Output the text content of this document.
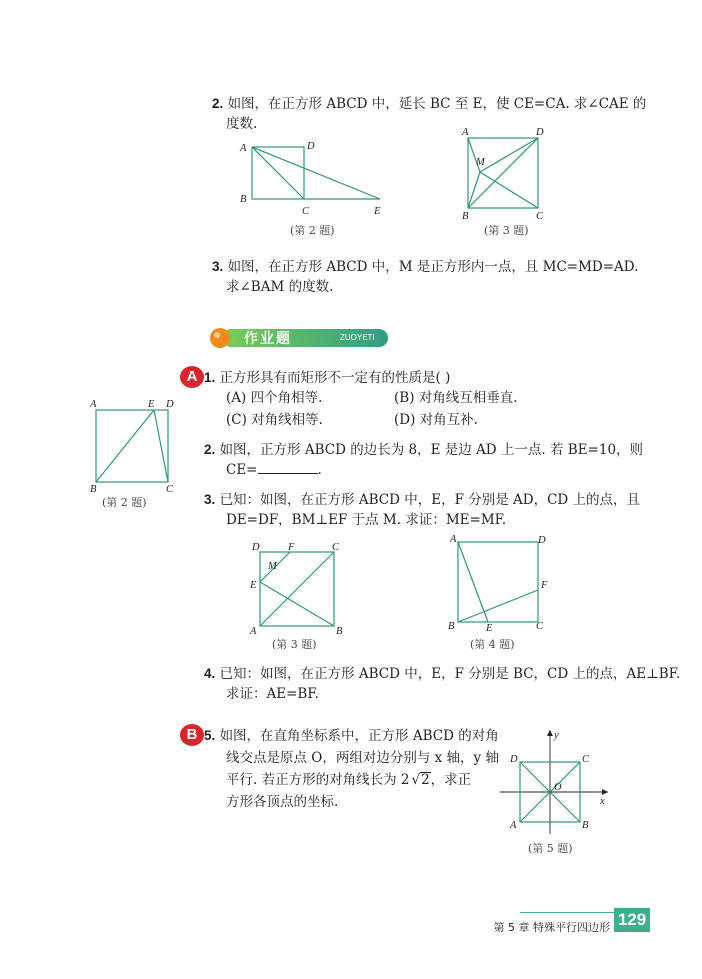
2. 如图，在正方形 ABCD 中，延长 BC 至 E，使 CE=CA. 求∠CAE 的
度数.
A	D
B
C	E
(第 2 题)
A	D
M
B	C
(第 3 题)
3. 如图，在正方形 ABCD 中，M 是正方形内一点，且 MC=MD=AD.
求∠BAM 的度数.
作业题	ZUOYETI
A 1. 正方形具有而矩形不一定有的性质是( )
(A) 四个角相等.	(B) 对角线互相垂直.
(C) 对角线相等.	(D) 对角互补.
A	E D
B	C
(第 2 题)
2. 如图，正方形 ABCD 的边长为 8，E 是边 AD 上一点. 若 BE=10，则
CE=	.
3. 已知：如图，在正方形 ABCD 中，E，F 分别是 AD，CD 上的点，且
DE=DF，BM⊥EF 于点 M. 求证：ME=MF.
D	F	C
M
E
A	B
(第 3 题)
A	D
F
B	E	C
(第 4 题)
4. 已知：如图，在正方形 ABCD 中，E，F 分别是 BC，CD 上的点，AE⊥BF.
求证：AE=BF.
B 5. 如图，在直角坐标系中，正方形 ABCD 的对角
线交点是原点 O，两组对边分别与 x 轴，y 轴
平行. 若正方形的对角线长为 2 √2，求正
方形各顶点的坐标.
y
x
D	C
O
A	B
(第 5 题)
第 5 章 特殊平行四边形 129
